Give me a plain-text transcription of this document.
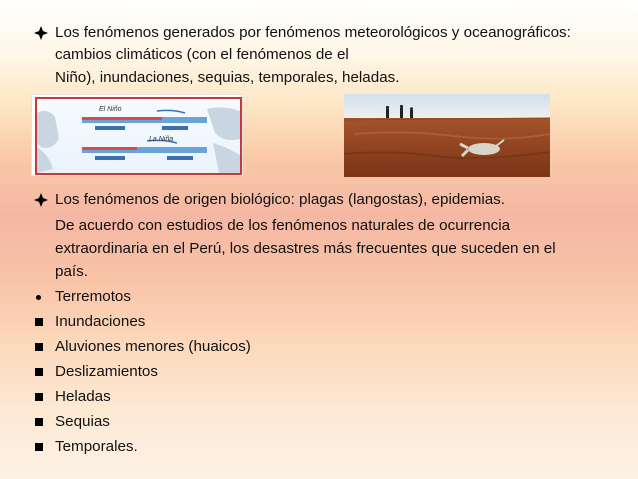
Los fenómenos generados por fenómenos meteorológicos y oceanográficos:
cambios climáticos (con el fenómenos de el
Niño), inundaciones, sequias, temporales, heladas.
El Niño
La Niña
Los fenómenos de origen biológico: plagas (langostas), epidemias.
De acuerdo con estudios de los fenómenos naturales de ocurrencia
extraordinaria en el Perú, los desastres más frecuentes que suceden en el
país.
Terremotos
Inundaciones
Aluviones menores (huaicos)
Deslizamientos
Heladas
Sequias
Temporales.
